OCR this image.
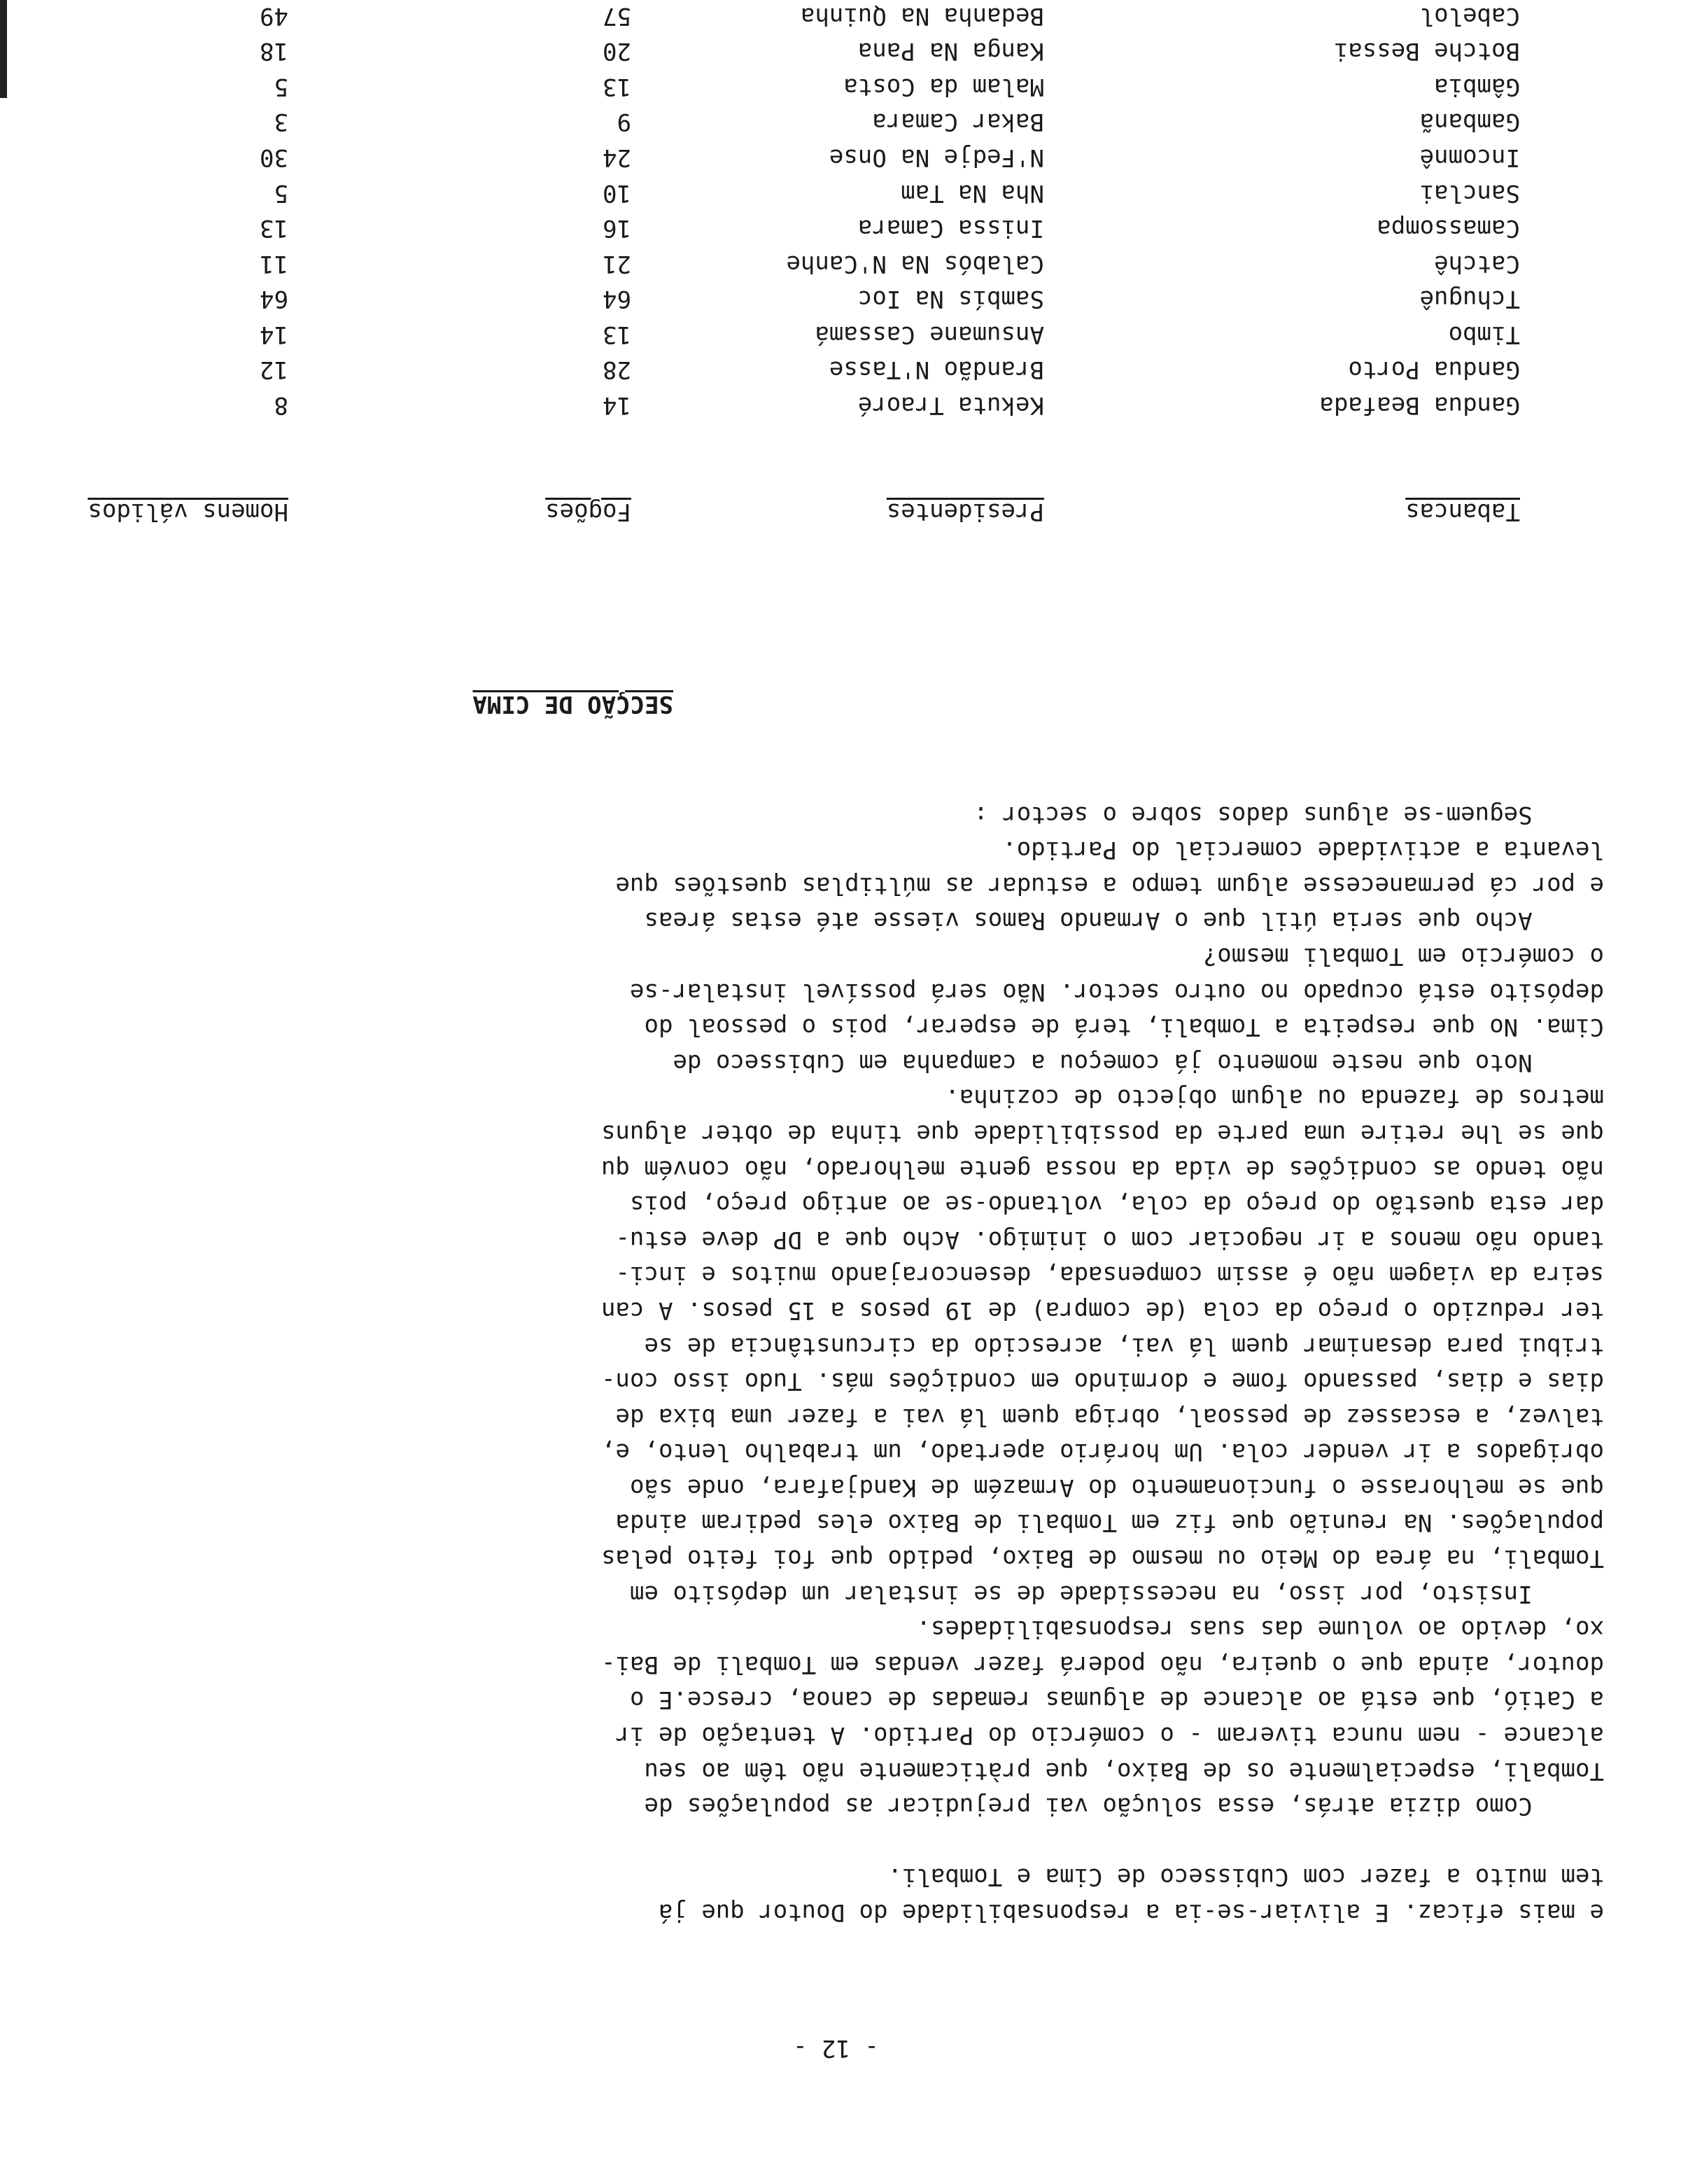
- 12 -

e mais eficaz. E aliviar-se-ia a responsabilidade do Doutor que já
tem muito a fazer com Cubisseco de Cima e Tombali.
Como dizia atrás, essa solução vai prejudicar as populações de
Tombali, especialmente os de Baixo, que pràticamente não têm ao seu
alcance - nem nunca tiveram - o comércio do Partido. A tentação de ir
a Catió, que está ao alcance de algumas remadas de canoa, cresce.E o
doutor, ainda que o queira, não poderá fazer vendas em Tombali de Bai-
xo, devido ao volume das suas responsabilidades.
Insisto, por isso, na necessidade de se instalar um depósito em
Tombali, na área do Meio ou mesmo de Baixo, pedido que foi feito pelas
populações. Na reunião que fiz em Tombali de Baixo eles pediram ainda
que se melhorasse o funcionamento do Armazém de Kandjafara, onde são
obrigados a ir vender cola. Um horário apertado, um trabalho lento, e,
talvez, a escassez de pessoal, obriga quem lá vai a fazer uma bixa de
dias e dias, passando fome e dormindo em condições más. Tudo isso con-
tribui para desanimar quem lá vai, acrescido da circunstância de se
ter reduzido o preço da cola (de compra) de 19 pesos a 15 pesos. A can
seira da viagem não é assim compensada, desencorajando muitos e inci-
tando não menos a ir negociar com o inimigo. Acho que a DP deve estu-
dar esta questão do preço da cola, voltando-se ao antigo preço, pois
não tendo as condições de vida da nossa gente melhorado, não convém qu
que se lhe retire uma parte da possibilidade que tinha de obter alguns
metros de fazenda ou algum objecto de cozinha.
Noto que neste momento já começou a campanha em Cubisseco de
Cima. No que respeita a Tombali, terá de esperar, pois o pessoal do
depósito está ocupado no outro sector. Não será possível instalar-se
o comércio em Tombali mesmo?
Acho que seria útil que o Armando Ramos viesse até estas áreas
e por cá permanecesse algum tempo a estudar as múltiplas questões que
levanta a actividade comercial do Partido.
Seguem-se alguns dados sobre o sector :

SECÇÃO DE CIMA

Tabancas

Presidentes

Fogões

Homens válidos

Gandua Beafada
Kekuta Traoré
14
8
Gandua Porto
Brandão N'Tasse
28
12
Timbo
Ansumane Cassamá
13
14
Tchuguê
Sambís Na Ioc
64
64
Catchê
Calabós Na N'Canhe
21
11
Camassompa
Inissa Camara
16
13
Sanclai
Nha Na Tam
10
5
Incomnê
N'Fedje Na Onse
24
30
Gambanã
Bakar Camara
9
3
Gâmbia
Malam da Costa
13
5
Botche Bessai
Kanga Na Pana
20
18
Cabelol
Bedanha Na Quinha
57
49
